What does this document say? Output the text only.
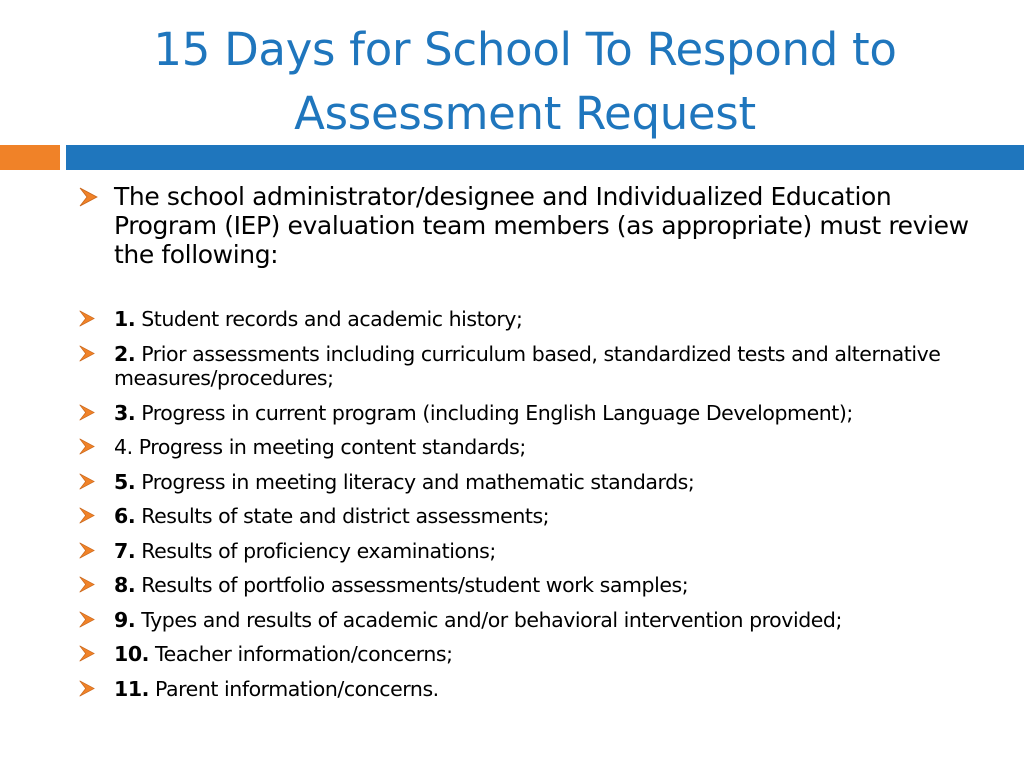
15 Days for School To Respond to Assessment Request
The school administrator/designee and Individualized Education Program (IEP) evaluation team members (as appropriate) must review the following:
1. Student records and academic history;
2. Prior assessments including curriculum based, standardized tests and alternative measures/procedures;
3. Progress in current program (including English Language Development);
4. Progress in meeting content standards;
5. Progress in meeting literacy and mathematic standards;
6. Results of state and district assessments;
7. Results of proficiency examinations;
8. Results of portfolio assessments/student work samples;
9. Types and results of academic and/or behavioral intervention provided;
10. Teacher information/concerns;
11. Parent information/concerns.
